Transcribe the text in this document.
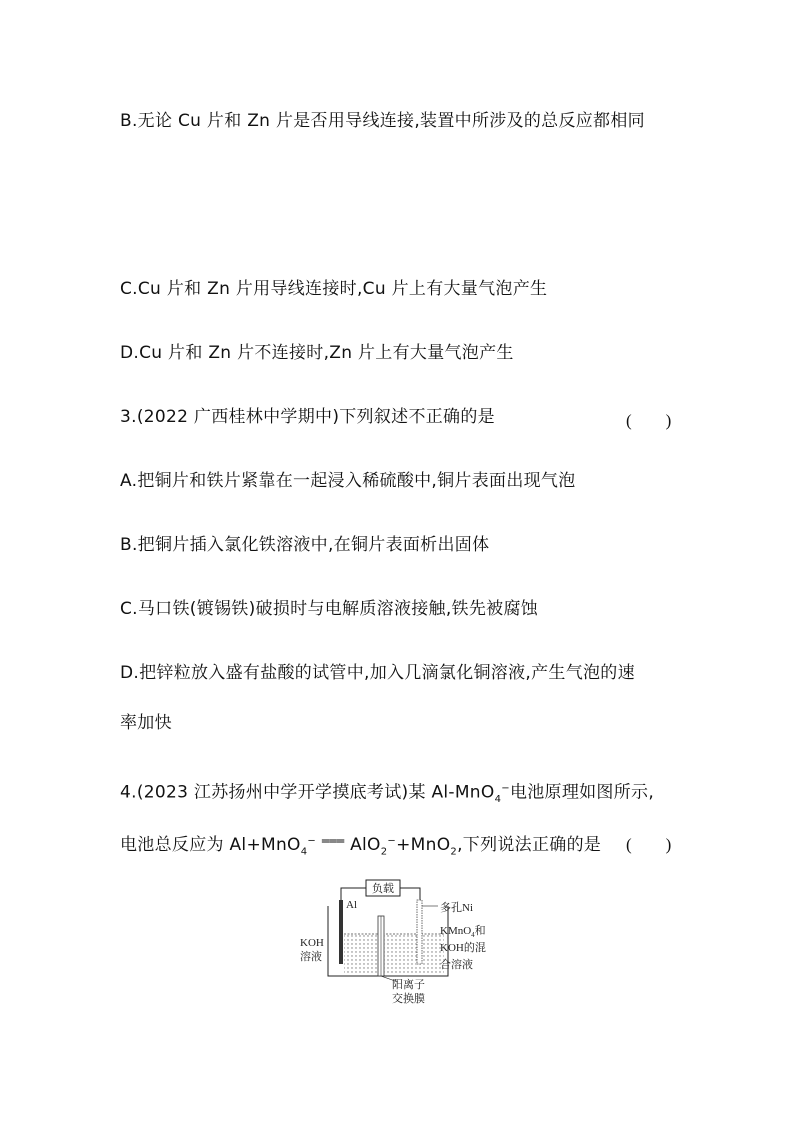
B.无论 Cu 片和 Zn 片是否用导线连接,装置中所涉及的总反应都相同
C.Cu 片和 Zn 片用导线连接时,Cu 片上有大量气泡产生
D.Cu 片和 Zn 片不连接时,Zn 片上有大量气泡产生
3.(2022 广西桂林中学期中)下列叙述不正确的是	(　　)
A.把铜片和铁片紧靠在一起浸入稀硫酸中,铜片表面出现气泡
B.把铜片插入氯化铁溶液中,在铜片表面析出固体
C.马口铁(镀锡铁)破损时与电解质溶液接触,铁先被腐蚀
D.把锌粒放入盛有盐酸的试管中,加入几滴氯化铜溶液,产生气泡的速
率加快
4.(2023 江苏扬州中学开学摸底考试)某 Al-MnO$_4$−电池原理如图所示,
电池总反应为 Al+MnO$_4$− ═══ AlO$_2$−+MnO$_2$,下列说法正确的是 (　　)
负载
Al	多孔Ni
KOH
溶液
KMnO$_4$和
KOH的混
合溶液
阳离子
交换膜
